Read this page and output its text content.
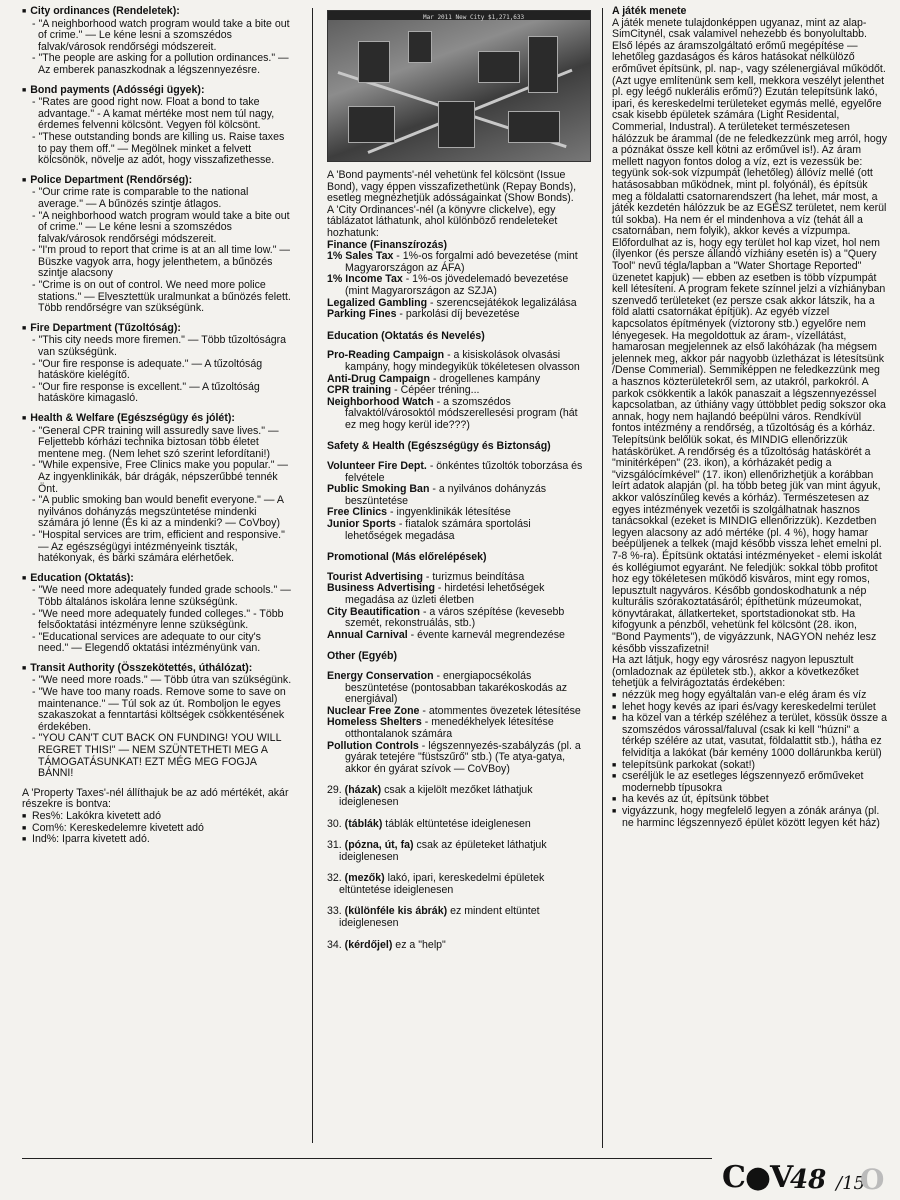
■ City ordinances (Rendeletek):
- "A neighborhood watch program would take a bite out of crime." — Le kéne lesni a szomszédos falvak/városok rendőrségi módszereit.
- "The people are asking for a pollution ordinances." — Az emberek panaszkodnak a légszennyezésre.
■ Bond payments (Adósségi ügyek):
- "Rates are good right now. Float a bond to take advantage." - A kamat mértéke most nem túl nagy, érdemes felvenni kölcsönt. Vegyen föl kölcsönt.
- "These outstanding bonds are killing us. Raise taxes to pay them off." — Megölnek minket a felvett kölcsönök, növelje az adót, hogy visszafizethesse.
■ Police Department (Rendőrség):
- "Our crime rate is comparable to the national average." — A bűnözés szintje átlagos.
- "A neighborhood watch program would take a bite out of crime." — Le kéne lesni a szomszédos falvak/városok rendőrségi módszereit.
- "I'm proud to report that crime is at an all time low." — Büszke vagyok arra, hogy jelenthetem, a bűnözés szintje alacsony
- "Crime is on out of control. We need more police stations." — Elvesztettük uralmunkat a bűnözés felett. Több rendőrségre van szükségünk.
■ Fire Department (Tűzoltóság):
- "This city needs more firemen." — Több tűzoltóságra van szükségünk.
- "Our fire response is adequate." — A tűzoltóság hatásköre kielégítő.
- "Our fire response is excellent." — A tűzoltóság hatásköre kimagasló.
■ Health & Welfare (Egészségügy és jólét):
- "General CPR training will assuredly save lives." — Feljettebb kórházi technika biztosan több életet mentene meg. (Nem lehet szó szerint lefordítani!)
- "While expensive, Free Clinics make you popular." — Az ingyenklinikák, bár drágák, népszerűbbé tennék Önt.
- "A public smoking ban would benefit everyone." — A nyilvános dohányzás megszüntetése mindenki számára jó lenne (És ki az a mindenki? — CoVboy)
- "Hospital services are trim, efficient and responsive." — Az egészségügyi intézményeink tiszták, hatékonyak, és bárki számára elérhetőek.
■ Education (Oktatás):
- "We need more adequately funded grade schools." — Több általános iskolára lenne szükségünk.
- "We need more adequately funded colleges." - Több felsőoktatási intézményre lenne szükségünk.
- "Educational services are adequate to our city's need." — Elegendő oktatási intézményünk van.
■ Transit Authority (Összekötettés, úthálózat):
- "We need more roads." — Több útra van szükségünk.
- "We have too many roads. Remove some to save on maintenance." — Túl sok az út. Romboljon le egyes szakaszokat a fenntartási költségek csökkentésének érdekében.
- "YOU CAN'T CUT BACK ON FUNDING! YOU WILL REGRET THIS!" — NEM SZÜNTETHETI MEG A TÁMOGATÁSUNKAT! EZT MÉG MEG FOGJA BÁNNI!
A 'Property Taxes'-nél állíthajuk be az adó mértékét, akár részekre is bontva:
■ Res%: Lakókra kivetett adó
■ Com%: Kereskedelemre kivetett adó
■ Ind%: Iparra kivetett adó.
Mar 2011 New City $1,271,633
A 'Bond payments'-nél vehetünk fel kölcsönt (Issue Bond), vagy éppen visszafizethetünk (Repay Bonds), esetleg megnézhetjük adósságainkat (Show Bonds).
A 'City Ordinances'-nél (a könyvre clickelve), egy táblázatot láthatunk, ahol különböző rendeleteket hozhatunk:
Finance (Finanszírozás)
1% Sales Tax - 1%-os forgalmi adó bevezetése (mint Magyarországon az ÁFA)
1% Income Tax - 1%-os jövedelemadó bevezetése (mint Magyarországon az SZJA)
Legalized Gambling - szerencsejátékok legalizálása
Parking Fines - parkolási díj bevezetése
Education (Oktatás és Nevelés)
Pro-Reading Campaign - a kisiskolások olvasási kampány, hogy mindegyikük tökéletesen olvasson
Anti-Drug Campaign - drogellenes kampány
CPR training - Cépéer tréning...
Neighborhood Watch - a szomszédos falvaktól/városoktól módszerellesési program (hát ez meg hogy kerül ide???)
Safety & Health (Egészségügy és Biztonság)
Volunteer Fire Dept. - önkéntes tűzoltók toborzása és felvétele
Public Smoking Ban - a nyilvános dohányzás beszüntetése
Free Clinics - ingyenklinikák létesítése
Junior Sports - fiatalok számára sportolási lehetőségek megadása
Promotional (Más előrelépések)
Tourist Advertising - turizmus beindítása
Business Advertising - hirdetési lehetőségek megadása az üzleti életben
City Beautification - a város szépítése (kevesebb szemét, rekonstruálás, stb.)
Annual Carnival - évente karnevál megrendezése
Other (Egyéb)
Energy Conservation - energiapocsékolás beszüntetése (pontosabban takarékoskodás az energiával)
Nuclear Free Zone - atommentes övezetek létesítése
Homeless Shelters - menedékhelyek létesítése otthontalanok számára
Pollution Controls - légszennyezés-szabályzás (pl. a gyárak tetejére "füstszűrő" stb.) (Te atya-gatya, akkor én gyárat szívok — CoVBoy)
29. (házak) csak a kijelölt mezőket láthatjuk ideiglenesen
30. (táblák) táblák eltüntetése ideiglenesen
31. (pózna, út, fa) csak az épületeket láthatjuk ideiglenesen
32. (mezők) lakó, ipari, kereskedelmi épületek eltüntetése ideiglenesen
33. (különféle kis ábrák) ez mindent eltüntet ideiglenesen
34. (kérdőjel) ez a "help"
A játék menete
A játék menete tulajdonképpen ugyanaz, mint az alap-SimCitynél, csak valamivel nehezebb és bonyolultabb. Első lépés az áramszolgáltató erőmű megépítése — lehetőleg gazdaságos és káros hatásokat nélkülöző erőművet építsünk, pl. nap-, vagy szélenergiával működőt. (Azt ugye említenünk sem kell, mekkora veszélyt jelenthet pl. egy leégő nuklerális erőmű?) Ezután telepítsünk lakó, ipari, és kereskedelmi területeket egymás mellé, egyelőre csak kisebb épületek számára (Light Residental, Commerial, Industral). A területeket természetesen hálózzuk be árammal (de ne feledkezzünk meg arról, hogy a póznákat össze kell kötni az erőművel is!). Az áram mellett nagyon fontos dolog a víz, ezt is vezessük be: tegyünk sok-sok vízpumpát (lehetőleg) állóvíz mellé (ott hatásosabban működnek, mint pl. folyónál), és építsük meg a földalatti csatornarendszert (ha lehet, már most, a játék kezdetén hálózzuk be az EGÉSZ területet, nem kerül túl sokba). Ha nem ér el mindenhova a víz (tehát áll a csatornában, nem folyik), akkor kevés a vízpumpa. Előfordulhat az is, hogy egy terület hol kap vizet, hol nem (ilyenkor (és persze állandó vízhiány esetén is) a "Query Tool" nevű tégla/lapban a "Water Shortage Reported" üzenetet kapjuk) — ebben az esetben is több vízpumpát kell létesíteni. A program fekete színnel jelzi a vízhiányban szenvedő területeket (ez persze csak akkor látszik, ha a föld alatti csatornákat építjük). Az egyéb vízzel kapcsolatos építmények (víztorony stb.) egyelőre nem lényegesek. Ha megoldottuk az áram-, vízellátást, hamarosan megjelennek az első lakóházak (ha mégsem jelennek meg, akkor pár nagyobb üzletházat is létesítsünk /Dense Commerial). Semmiképpen ne feledkezzünk meg a hasznos közterületekről sem, az utakról, parkokról. A parkok csökkentik a lakók panaszait a légszennyezéssel kapcsolatban, az úthiány vagy úttöbblet pedig sokszor oka annak, hogy nem hajlandó beépülni város. Rendkívül fontos intézmény a rendőrség, a tűzoltóság és a kórház. Telepítsünk belőlük sokat, és MINDIG ellenőrizzük hatáskörüket. A rendőrség és a tűzoltóság hatáskörét a "minitérképen" (23. ikon), a kórházakét pedig a "vizsgálócímkével" (17. ikon) ellenőrizhetjük a korábban leírt adatok alapján (pl. ha több beteg jük van mint ágyuk, akkor valószínűleg kevés a kórház). Természetesen az egyes intézmények vezetői is szolgálhatnak hasznos tanácsokkal (ezeket is MINDIG ellenőrizzük). Kezdetben legyen alacsony az adó mértéke (pl. 4 %), hogy hamar beépüljenek a telkek (majd később vissza lehet emelni pl. 7-8 %-ra). Építsünk oktatási intézményeket - elemi iskolát és kollégiumot egyaránt. Ne feledjük: sokkal több profitot hoz egy tökéletesen működő kisváros, mint egy romos, lepusztult nagyváros. Később gondoskodhatunk a nép kulturális szórakoztatásáról; építhetünk múzeumokat, könyvtárakat, állatkerteket, sportstadionokat stb. Ha kifogyunk a pénzből, vehetünk fel kölcsönt (28. ikon, "Bond Payments"), de vigyázzunk, NAGYON nehéz lesz később visszafizetni!
Ha azt látjuk, hogy egy városrész nagyon lepusztult (omladoznak az épületek stb.), akkor a következőket tehetjük a felvirágoztatás érdekében:
■ nézzük meg hogy egyáltalán van-e elég áram és víz
■ lehet hogy kevés az ipari és/vagy kereskedelmi terület
■ ha közel van a térkép széléhez a terület, kössük össze a szomszédos várossal/faluval (csak ki kell "húzni" a térkép szélére az utat, vasutat, földalattit stb.), hátha ez felvidítja a lakókat (bár kemény 1000 dollárunkba kerül)
■ telepítsünk parkokat (sokat!)
■ cseréljük le az esetleges légszennyező erőműveket modernebb típusokra
■ ha kevés az út, építsünk többet
■ vigyázzunk, hogy megfelelő legyen a zónák aránya (pl. ne harminc légszennyező épület között legyen két ház)
C●V
48 /15
O
